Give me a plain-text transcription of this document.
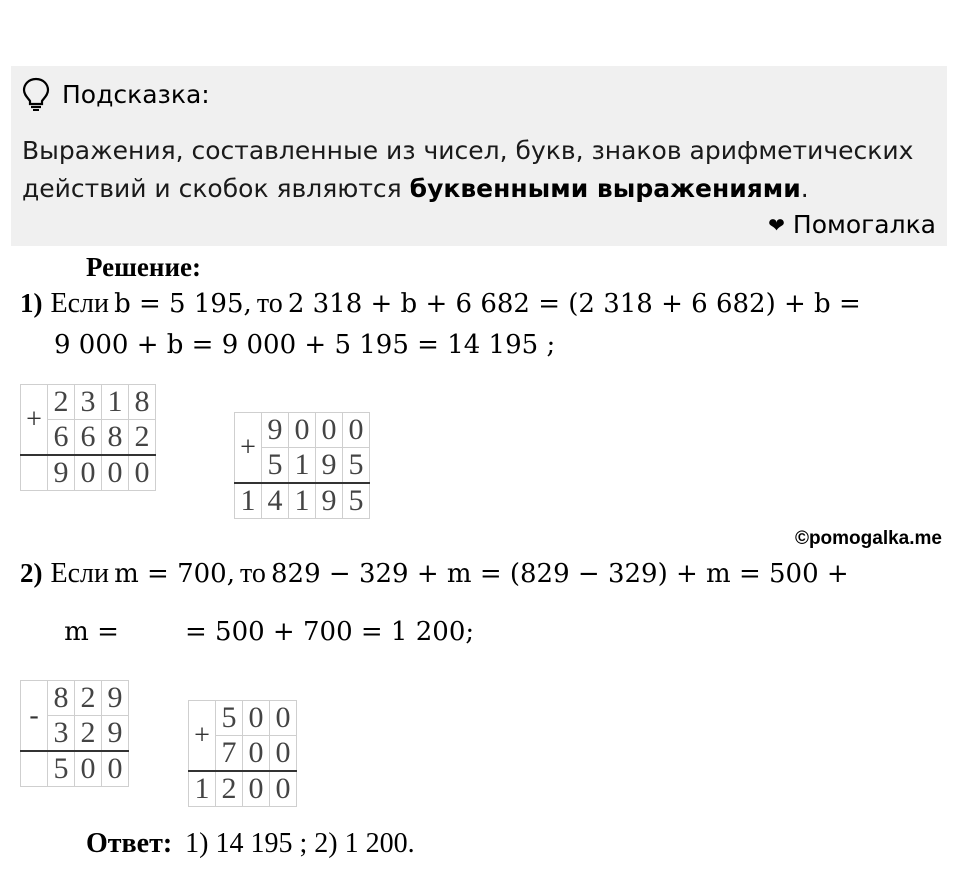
Подсказка:
Выражения, составленные из чисел, букв, знаков арифметических действий и скобок являются буквенными выражениями.
❤ Помогалка
Решение:
1) Если b = 5 195, то 2 318 + b + 6 682 = (2 318 + 6 682) + b =
9 000 + b = 9 000 + 5 195 = 14 195 ;
+	2	3	1	8
	6	6	8	2
	9	0	0	0
+	9	0	0	0
	5	1	9	5
1	4	1	9	5
©pomogalka.me
2) Если m = 700, то 829 − 329 + m = (829 − 329) + m = 500 +

m =        = 500 + 700 = 1 200;

-	8	2	9
	3	2	9
	5	0	0
+	5	0	0
	7	0	0
1	2	0	0
Ответ: 1) 14 195 ; 2) 1 200.
